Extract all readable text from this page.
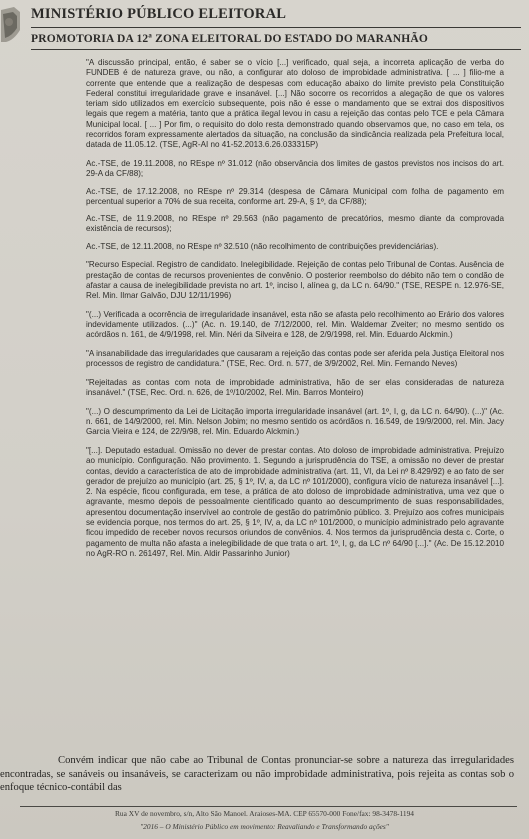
MINISTÉRIO PÚBLICO ELEITORAL
PROMOTORIA DA 12ª ZONA ELEITORAL DO ESTADO DO MARANHÃO

"A discussão principal, então, é saber se o vício [...] verificado, qual seja, a incorreta aplicação de verba do FUNDEB é de natureza grave, ou não, a configurar ato doloso de improbidade administrativa. [ ... ] filio-me a corrente que entende que a realização de despesas com educação abaixo do limite previsto pela Constituição Federal constitui irregularidade grave e insanável. [...] Não socorre os recorridos a alegação de que os valores teriam sido utilizados em exercício subsequente, pois não é esse o mandamento que se extrai dos dispositivos legais que regem a matéria, tanto que a prática ilegal levou in casu a rejeição das contas pelo TCE e pela Câmara Municipal local. [ ... ] Por fim, o requisito do dolo resta demonstrado quando observamos que, no caso em tela, os recorridos foram expressamente alertados da situação, na conclusão da sindicância realizada pela Prefeitura local, datada de 11.05.12. (TSE, AgR-AI no 41-52.2013.6.26.033315P)

Ac.-TSE, de 19.11.2008, no REspe nº 31.012 (não observância dos limites de gastos previstos nos incisos do art. 29-A da CF/88);

Ac.-TSE, de 17.12.2008, no REspe nº 29.314 (despesa de Câmara Municipal com folha de pagamento em percentual superior a 70% de sua receita, conforme art. 29-A, § 1º, da CF/88);

Ac.-TSE, de 11.9.2008, no REspe nº 29.563 (não pagamento de precatórios, mesmo diante da comprovada existência de recursos);

Ac.-TSE, de 12.11.2008, no REspe nº 32.510 (não recolhimento de contribuições previdenciárias).

"Recurso Especial. Registro de candidato. Inelegibilidade. Rejeição de contas pelo Tribunal de Contas. Ausência de prestação de contas de recursos provenientes de convênio. O posterior reembolso do débito não tem o condão de afastar a causa de inelegibilidade prevista no art. 1º, inciso I, alínea g, da LC n. 64/90." (TSE, RESPE n. 12.976-SE, Rel. Min. Ilmar Galvão, DJU 12/11/1996)

"(...) Verificada a ocorrência de irregularidade insanável, esta não se afasta pelo recolhimento ao Erário dos valores indevidamente utilizados. (...)" (Ac. n. 19.140, de 7/12/2000, rel. Min. Waldemar Zveiter; no mesmo sentido os acórdãos n. 161, de 4/9/1998, rel. Min. Néri da Silveira e 128, de 2/9/1998, rel. Min. Eduardo Alckmin.)

"A insanabilidade das irregularidades que causaram a rejeição das contas pode ser aferida pela Justiça Eleitoral nos processos de registro de candidatura." (TSE, Rec. Ord. n. 577, de 3/9/2002, Rel. Min. Fernando Neves)

"Rejeitadas as contas com nota de improbidade administrativa, hão de ser elas consideradas de natureza insanável." (TSE, Rec. Ord. n. 626, de 1º/10/2002, Rel. Min. Barros Monteiro)

"(...) O descumprimento da Lei de Licitação importa irregularidade insanável (art. 1º, I, g, da LC n. 64/90). (...)" (Ac. n. 661, de 14/9/2000, rel. Min. Nelson Jobim; no mesmo sentido os acórdãos n. 16.549, de 19/9/2000, rel. Min. Jacy Garcia Vieira e 124, de 22/9/98, rel. Min. Eduardo Alckmin.)

"[...]. Deputado estadual. Omissão no dever de prestar contas. Ato doloso de improbidade administrativa. Prejuízo ao município. Configuração. Não provimento. 1. Segundo a jurisprudência do TSE, a omissão no dever de prestar contas, devido a característica de ato de improbidade administrativa (art. 11, VI, da Lei nº 8.429/92) e ao fato de ser gerador de prejuízo ao município (art. 25, § 1º, IV, a, da LC nº 101/2000), configura vício de natureza insanável [...]. 2. Na espécie, ficou configurada, em tese, a prática de ato doloso de improbidade administrativa, uma vez que o agravante, mesmo depois de pessoalmente cientificado quanto ao descumprimento de suas responsabilidades, apresentou documentação inservível ao controle de gestão do patrimônio público. 3. Prejuízo aos cofres municipais se evidencia porque, nos termos do art. 25, § 1º, IV, a, da LC nº 101/2000, o município administrado pelo agravante ficou impedido de receber novos recursos oriundos de convênios. 4. Nos termos da jurisprudência desta c. Corte, o pagamento de multa não afasta a inelegibilidade de que trata o art. 1º, I, g, da LC nº 64/90 [...]." (Ac. De 15.12.2010 no AgR-RO n. 261497, Rel. Min. Aldir Passarinho Junior)

Convém indicar que não cabe ao Tribunal de Contas pronunciar-se sobre a natureza das irregularidades encontradas, se sanáveis ou insanáveis, se caracterizam ou não improbidade administrativa, pois rejeita as contas sob o enfoque técnico-contábil das

Rua XV de novembro, s/n, Alto São Manoel. Araioses-MA. CEP 65570-000 Fone/fax: 98-3478-1194
"2016 – O Ministério Público em movimento: Reavaliando e Transformando ações"
